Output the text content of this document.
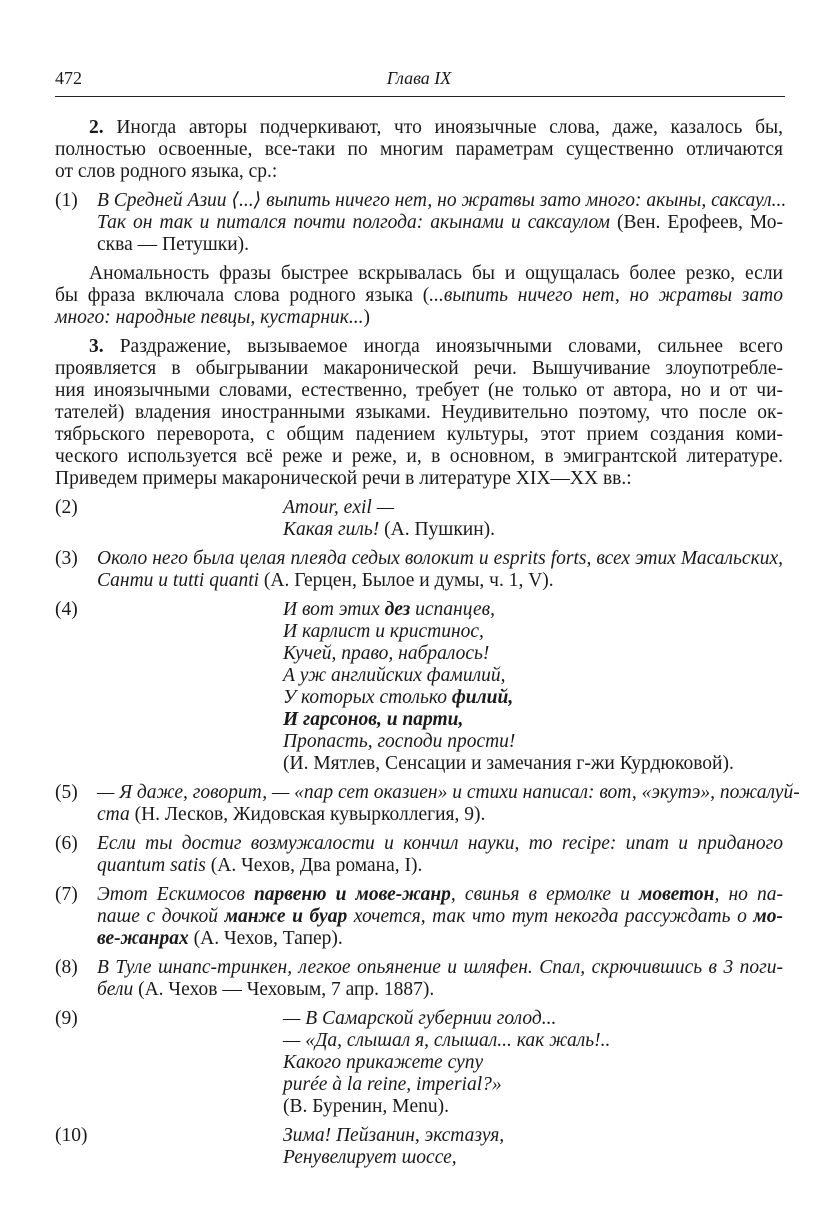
472	Глава IX
2. Иногда авторы подчеркивают, что иноязычные слова, даже, казалось бы,
полностью освоенные, все-таки по многим параметрам существенно отличаются
от слов родного языка, ср.:
(1) В Средней Азии ⟨...⟩ выпить ничего нет, но жратвы зато много: акыны, саксаул...
Так он так и питался почти полгода: акынами и саксаулом (Вен. Ерофеев, Мо-
сква — Петушки).
Аномальность фразы быстрее вскрывалась бы и ощущалась более резко, если
бы фраза включала слова родного языка (...выпить ничего нет, но жратвы зато
много: народные певцы, кустарник...)
3. Раздражение, вызываемое иногда иноязычными словами, сильнее всего
проявляется в обыгрывании макаронической речи. Вышучивание злоупотребле-
ния иноязычными словами, естественно, требует (не только от автора, но и от чи-
тателей) владения иностранными языками. Неудивительно поэтому, что после ок-
тябрьского переворота, с общим падением культуры, этот прием создания коми-
ческого используется всё реже и реже, и, в основном, в эмигрантской литературе.
Приведем примеры макаронической речи в литературе XIX—XX вв.:
(2)	Amour, exil —
Какая гиль! (А. Пушкин).
(3) Около него была целая плеяда седых волокит и esprits forts, всех этих Масальских,
Санти и tutti quanti (А. Герцен, Былое и думы, ч. 1, V).
(4)	И вот этих дез испанцев,
И карлист и кристинос,
Кучей, право, набралось!
А уж английских фамилий,
У которых столько филий,
И гарсонов, и парти,
Пропасть, господи прости!
(И. Мятлев, Сенсации и замечания г-жи Курдюковой).
(5) — Я даже, говорит, — «пар сет оказиен» и стихи написал: вот, «экутэ», пожалуй-
ста (Н. Лесков, Жидовская кувырколлегия, 9).
(6) Если ты достиг возмужалости и кончил науки, то recipe: ипат и приданого
quantum satis (А. Чехов, Два романа, I).
(7) Этот Ескимосов парвеню и мове-жанр, свинья в ермолке и моветон, но па-
паше с дочкой манже и буар хочется, так что тут некогда рассуждать о мо-
ве-жанрах (А. Чехов, Тапер).
(8) В Туле шнапс-тринкен, легкое опьянение и шляфен. Спал, скрючившись в 3 поги-
бели (А. Чехов — Чеховым, 7 апр. 1887).
(9)	— В Самарской губернии голод...
— «Да, слышал я, слышал... как жаль!..
Какого прикажете супу
purée à la reine, imperial?»
(В. Буренин, Menu).
(10)	Зима! Пейзанин, экстазуя,
Ренувелирует шоссе,
